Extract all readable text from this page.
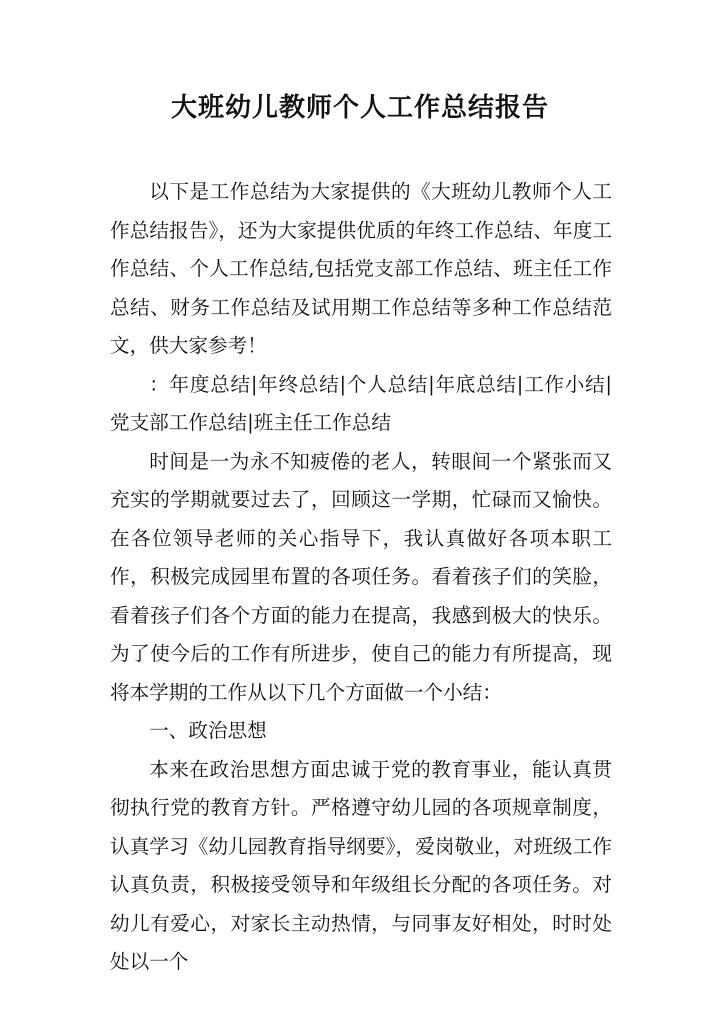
大班幼儿教师个人工作总结报告

以下是工作总结为大家提供的《大班幼儿教师个人工作总结报告》，还为大家提供优质的年终工作总结、年度工作总结、个人工作总结,包括党支部工作总结、班主任工作总结、财务工作总结及试用期工作总结等多种工作总结范文，供大家参考！

：年度总结|年终总结|个人总结|年底总结|工作小结|党支部工作总结|班主任工作总结

时间是一为永不知疲倦的老人，转眼间一个紧张而又充实的学期就要过去了，回顾这一学期，忙碌而又愉快。在各位领导老师的关心指导下，我认真做好各项本职工作，积极完成园里布置的各项任务。看着孩子们的笑脸，看着孩子们各个方面的能力在提高，我感到极大的快乐。为了使今后的工作有所进步，使自己的能力有所提高，现将本学期的工作从以下几个方面做一个小结：

一、政治思想

本来在政治思想方面忠诚于党的教育事业，能认真贯彻执行党的教育方针。严格遵守幼儿园的各项规章制度，认真学习《幼儿园教育指导纲要》，爱岗敬业，对班级工作认真负责，积极接受领导和年级组长分配的各项任务。对幼儿有爱心，对家长主动热情，与同事友好相处，时时处处以一个
